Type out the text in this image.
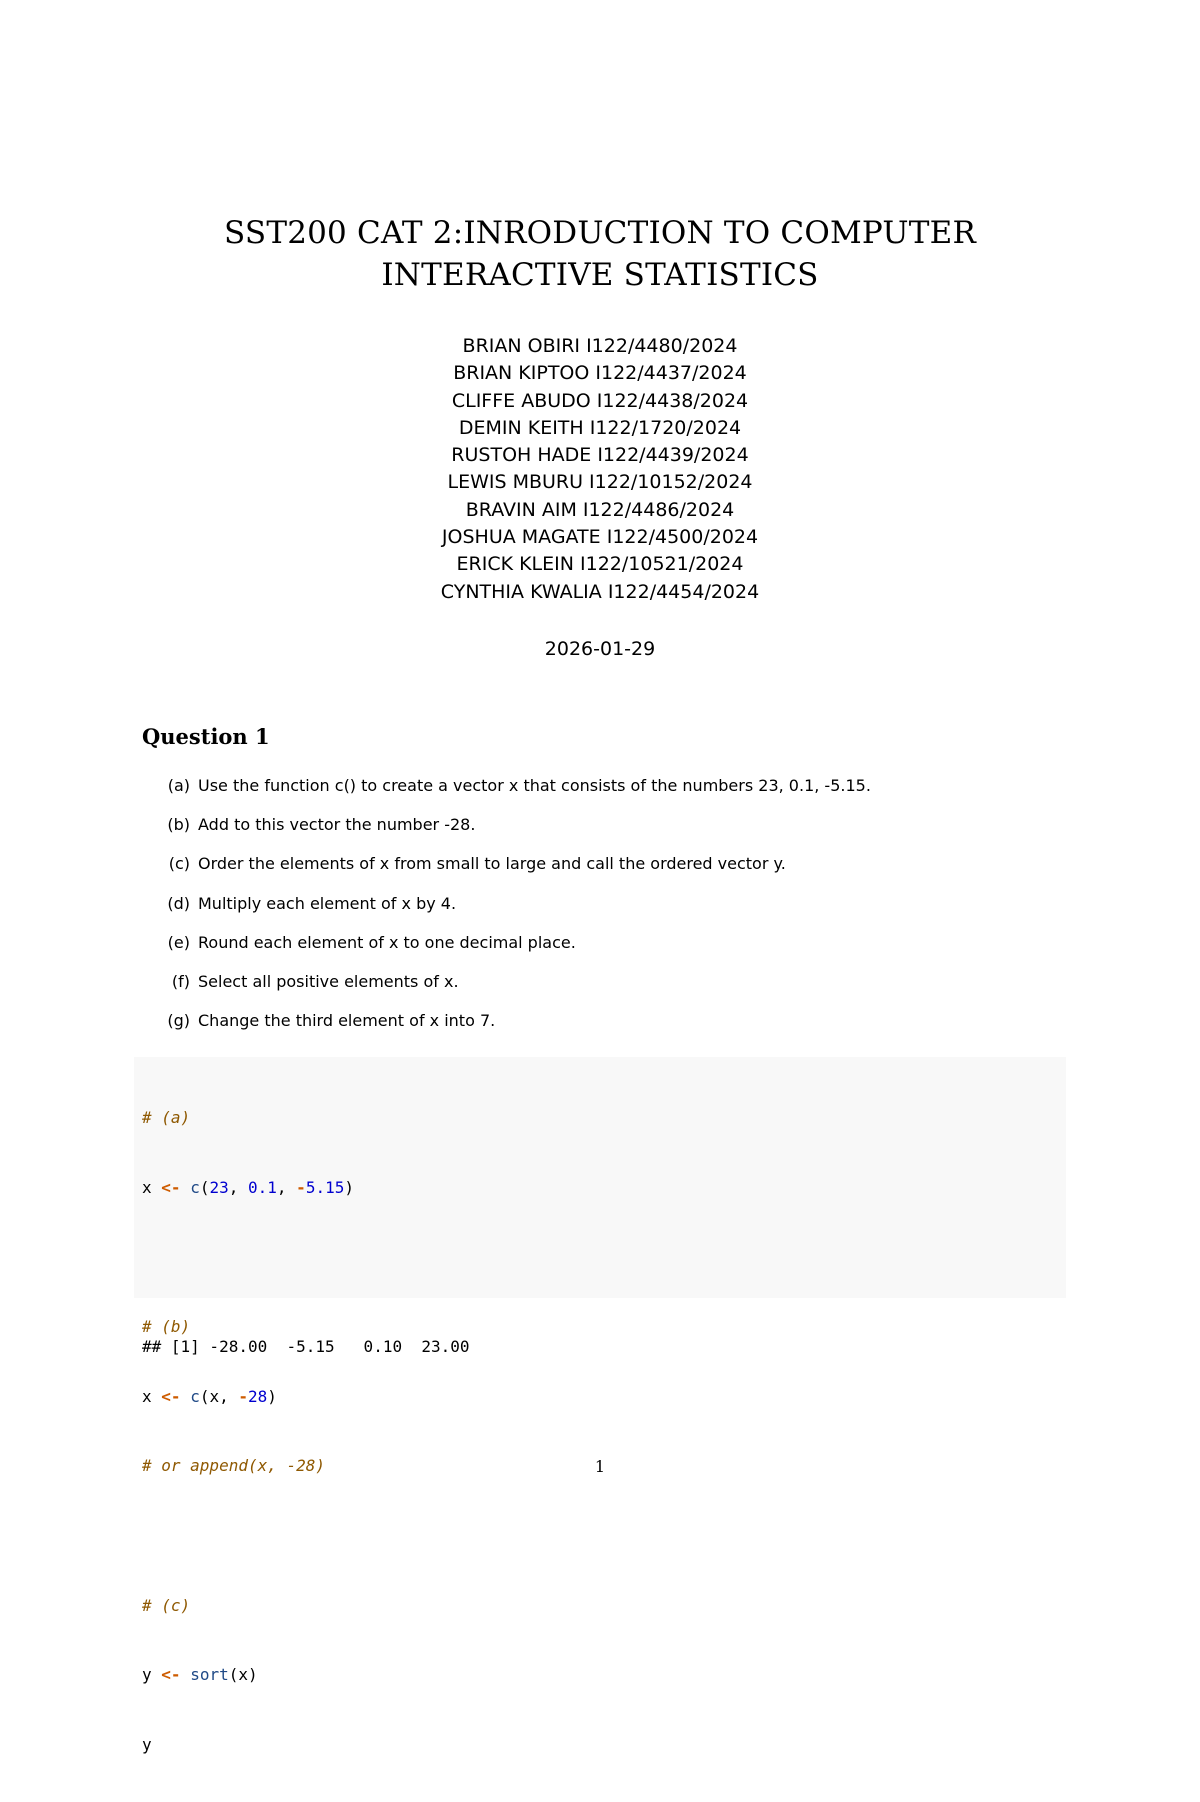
SST200 CAT 2:INRODUCTION TO COMPUTER
INTERACTIVE STATISTICS
BRIAN OBIRI I122/4480/2024
BRIAN KIPTOO I122/4437/2024
CLIFFE ABUDO I122/4438/2024
DEMIN KEITH I122/1720/2024
RUSTOH HADE I122/4439/2024
LEWIS MBURU I122/10152/2024
BRAVIN AIM I122/4486/2024
JOSHUA MAGATE I122/4500/2024
ERICK KLEIN I122/10521/2024
CYNTHIA KWALIA I122/4454/2024
2026-01-29
Question 1
(a) Use the function c() to create a vector x that consists of the numbers 23, 0.1, -5.15.
(b) Add to this vector the number -28.
(c) Order the elements of x from small to large and call the ordered vector y.
(d) Multiply each element of x by 4.
(e) Round each element of x to one decimal place.
(f) Select all positive elements of x.
(g) Change the third element of x into 7.

# (a)

x <- c(23, 0.1, -5.15)

# (b)

x <- c(x, -28)

# or append(x, -28)

# (c)

y <- sort(x)

y

## [1] -28.00  -5.15   0.10  23.00
1
